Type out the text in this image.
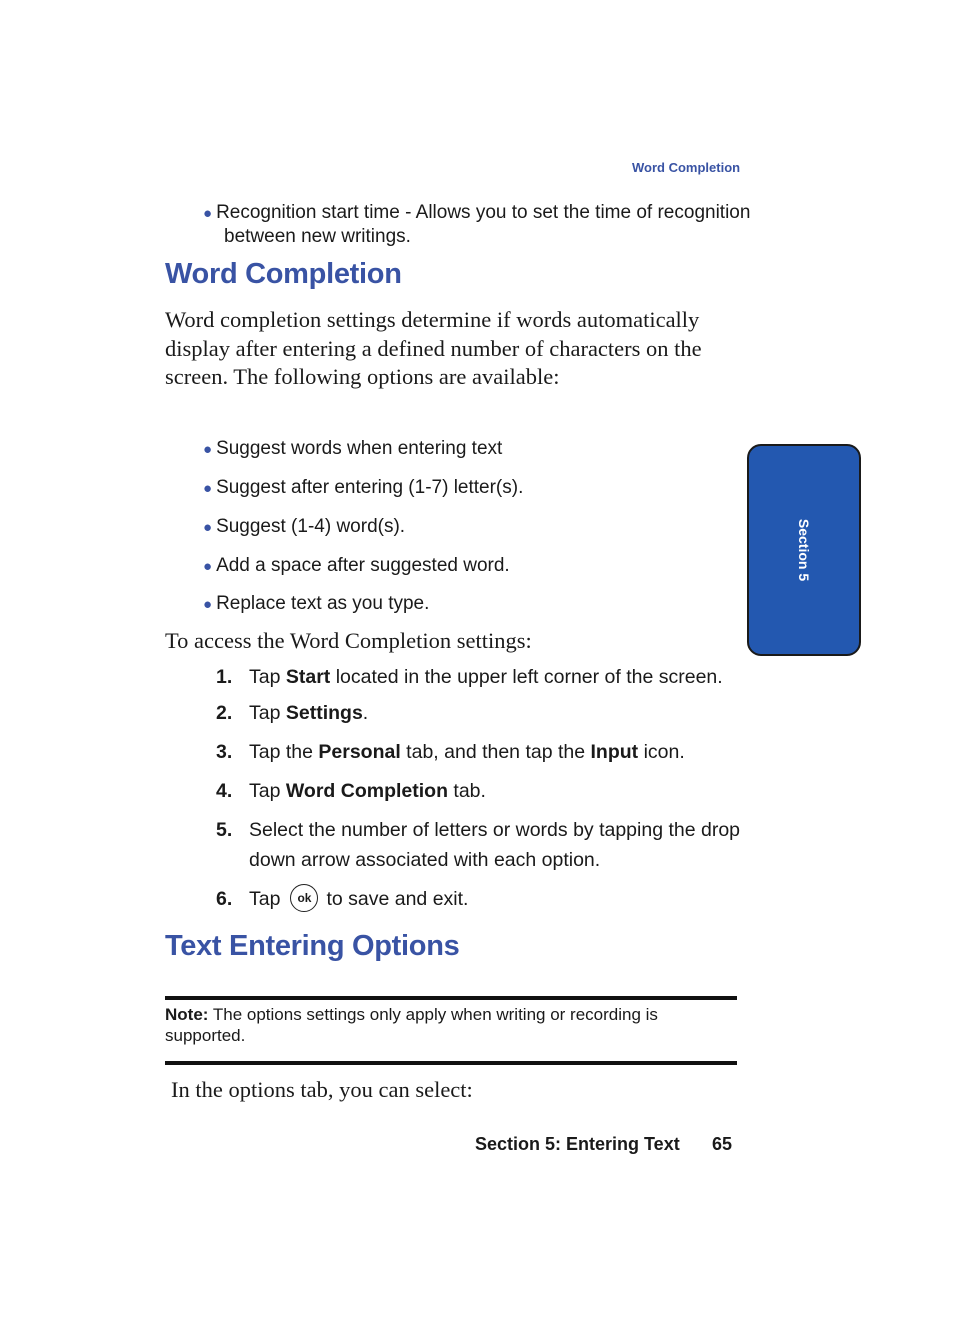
Word Completion
● Recognition start time - Allows you to set the time of recognition
between new writings.
Word Completion
Word completion settings determine if words automatically display after entering a defined number of characters on the screen. The following options are available:
● Suggest words when entering text
● Suggest after entering (1-7) letter(s).
● Suggest (1-4) word(s).
● Add a space after suggested word.
● Replace text as you type.
To access the Word Completion settings:
1. Tap Start located in the upper left corner of the screen.
2. Tap Settings.
3. Tap the Personal tab, and then tap the Input icon.
4. Tap Word Completion tab.
5. Select the number of letters or words by tapping the drop down arrow associated with each option.
6. Tap ok to save and exit.
Text Entering Options
Note: The options settings only apply when writing or recording is supported.
In the options tab, you can select:
Section 5: Entering Text 65
Section 5
